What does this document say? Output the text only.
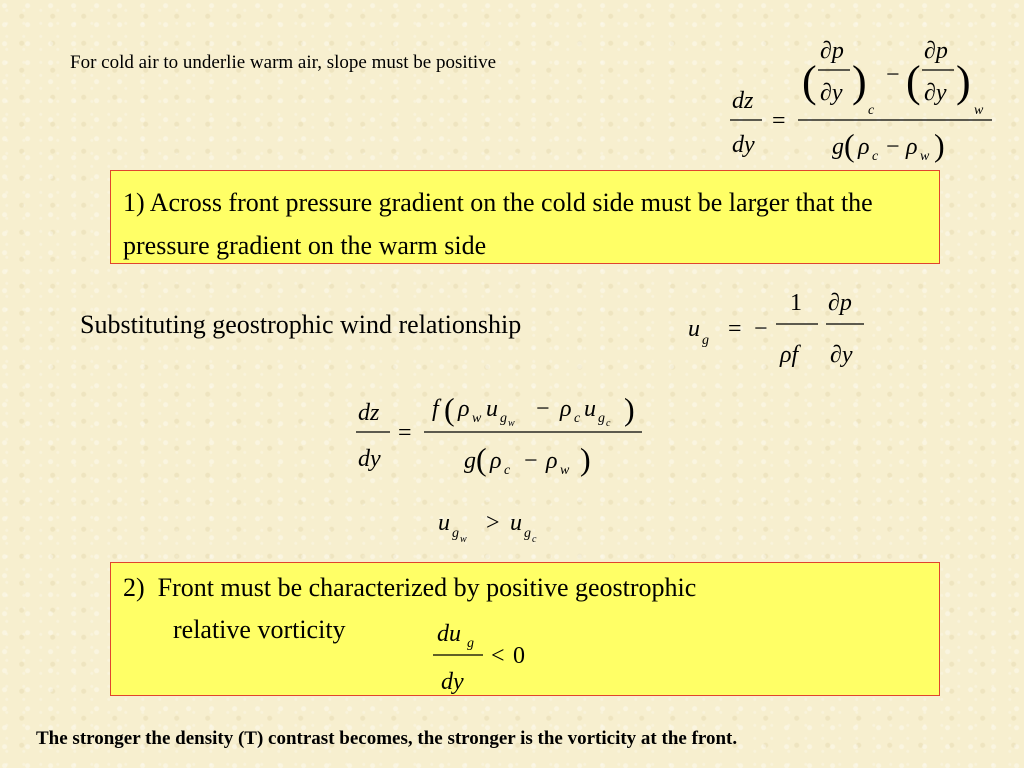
For cold air to underlie warm air, slope must be positive
dz
dy
=
(
∂p
∂y )
c
− (
∂p
∂y )
w
g ( ρ c − ρ w )
1) Across front pressure gradient on the cold side must be larger that the pressure gradient on the warm side
Substituting geostrophic wind relationship	u g = −
1
ρf
∂p
∂y
dz
dy
=
f ( ρ w u g w
− ρ c u g c )
g ( ρ c − ρ w )
u g w
> u g c
2)  Front must be characterized by positive geostrophic
relative vorticity	du g
dy
< 0
The stronger the density (T) contrast becomes, the stronger is the vorticity at the front.
